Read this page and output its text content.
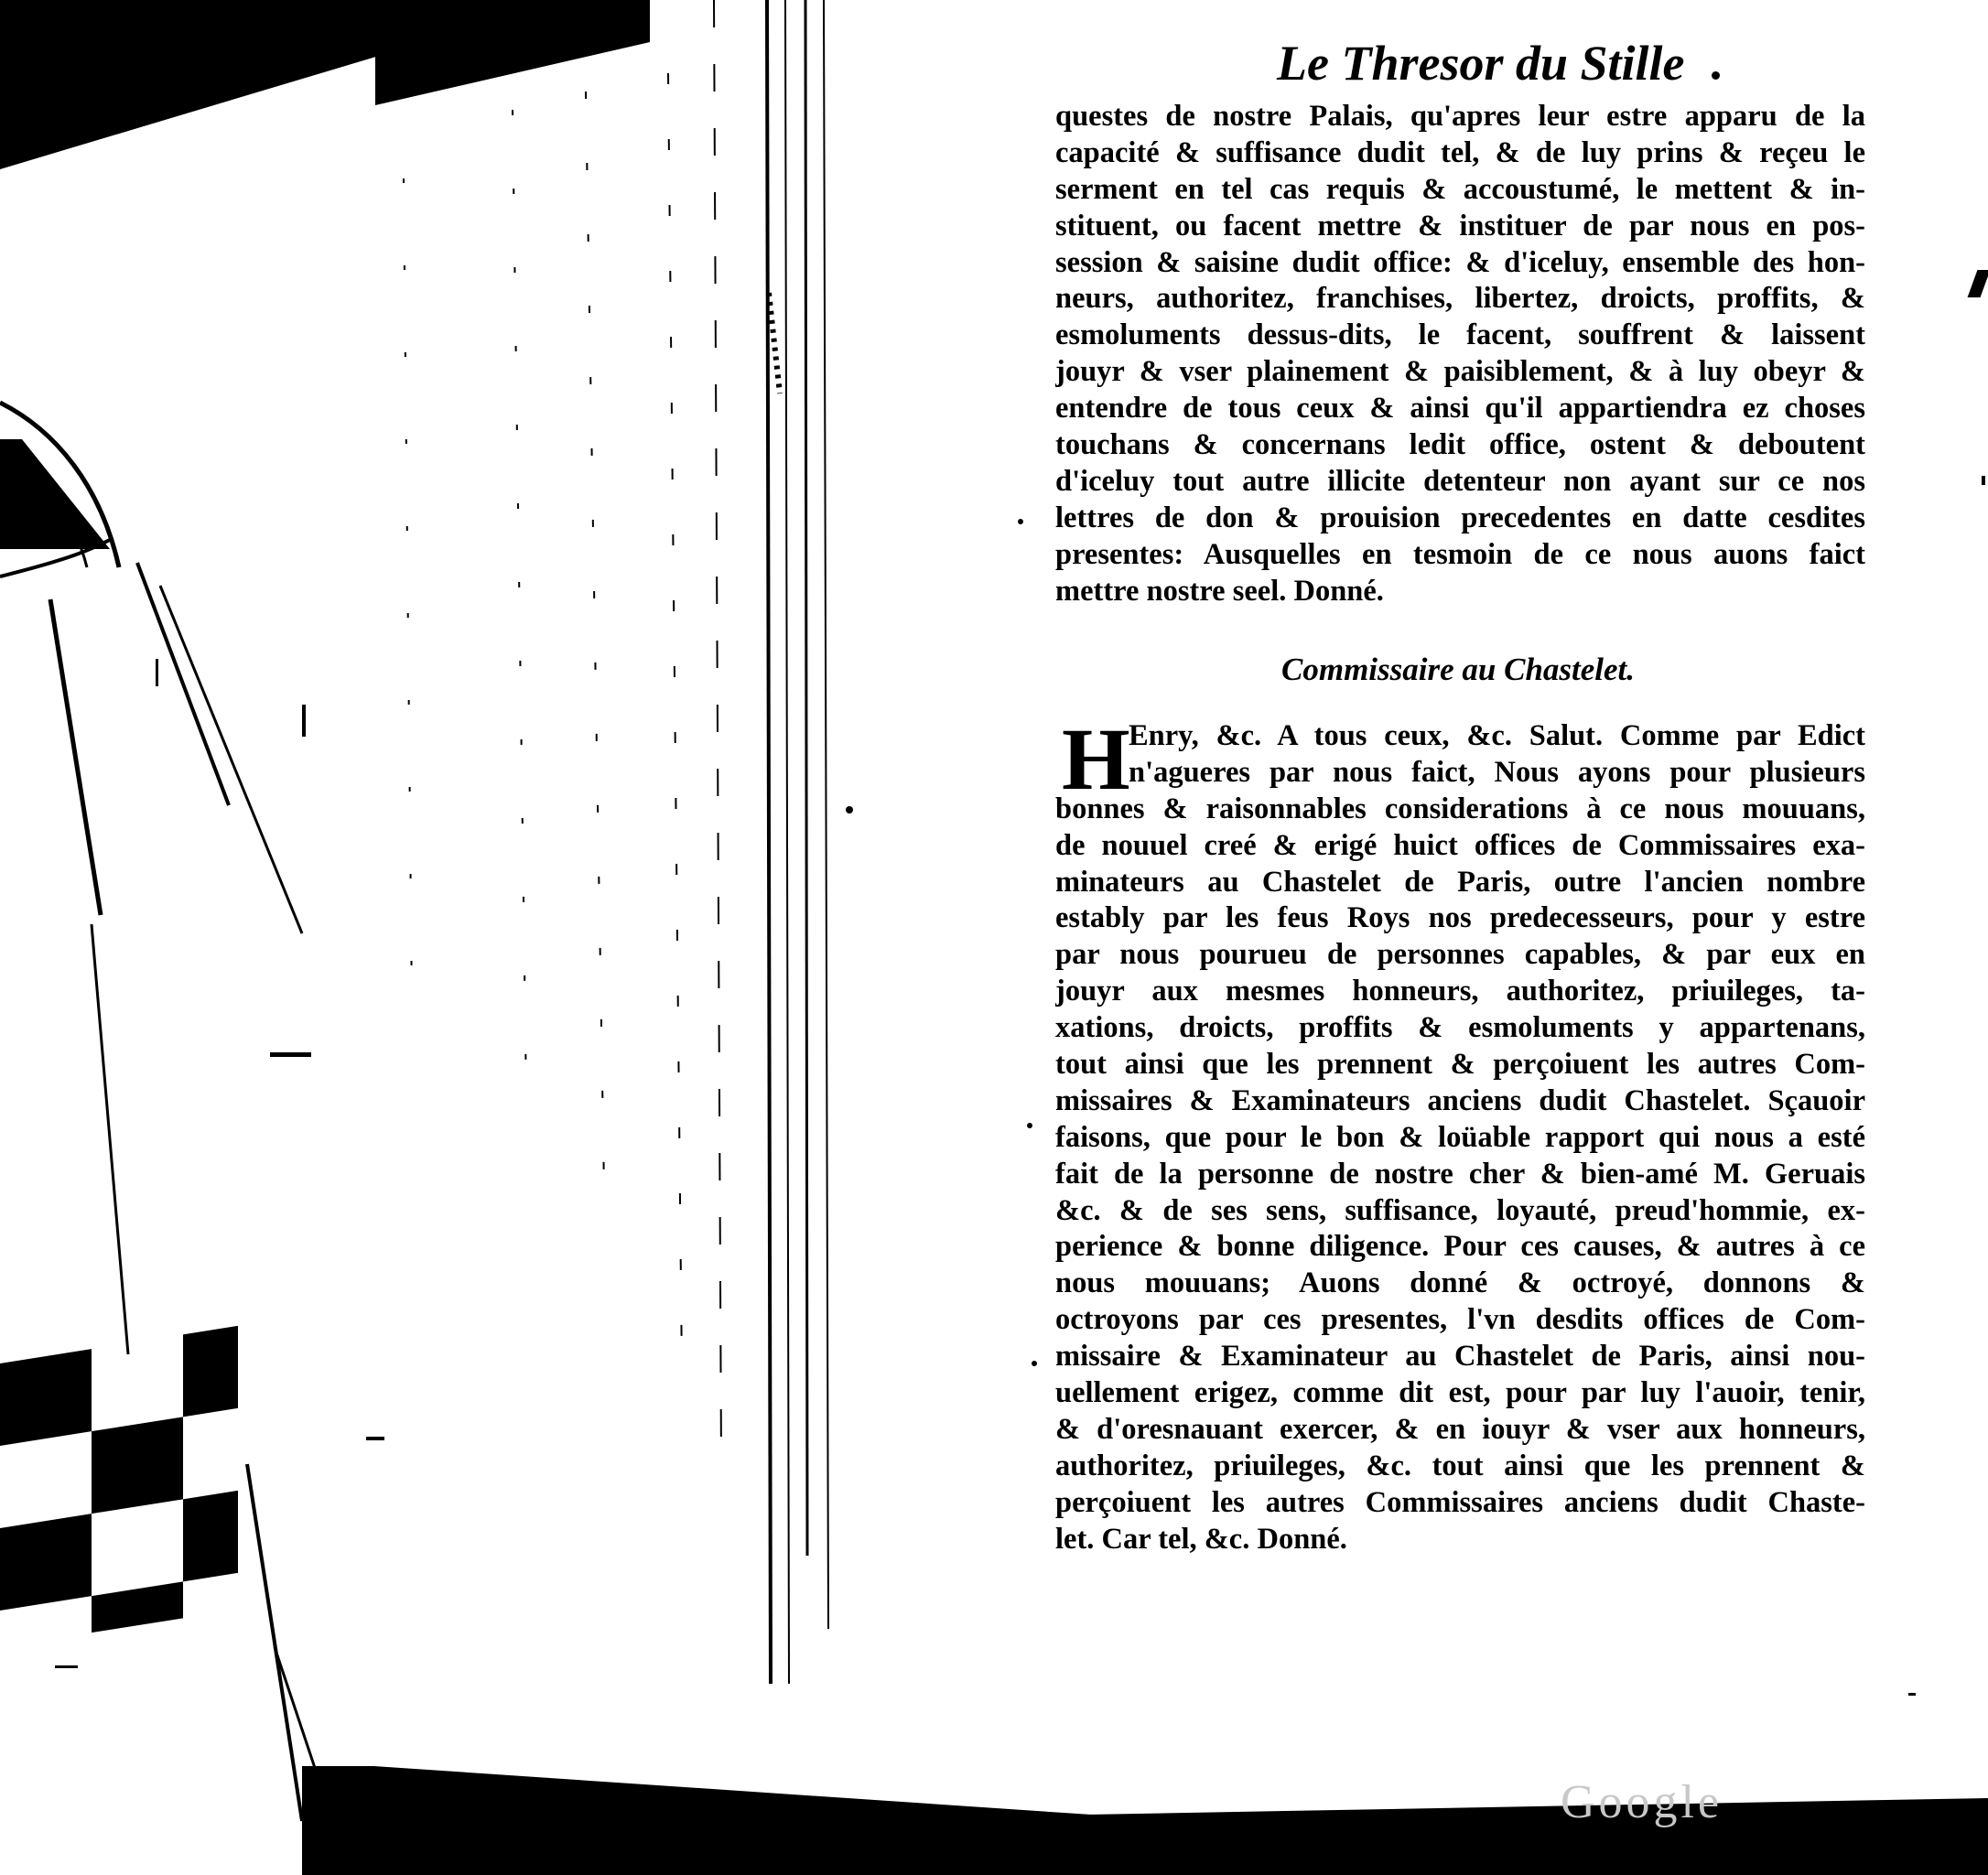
Google
Le Thresor du Stille
questes de nostre Palais, qu'apres leur estre apparu de la
capacité & suffisance dudit tel, & de luy prins & reçeu le
serment en tel cas requis & accoustumé, le mettent & in-
stituent, ou facent mettre & instituer de par nous en pos-
session & saisine dudit office: & d'iceluy, ensemble des hon-
neurs, authoritez, franchises, libertez, droicts, proffits, &
esmoluments dessus-dits, le facent, souffrent & laissent
jouyr & vser plainement & paisiblement, & à luy obeyr &
entendre de tous ceux & ainsi qu'il appartiendra ez choses
touchans & concernans ledit office, ostent & deboutent
d'iceluy tout autre illicite detenteur non ayant sur ce nos
lettres de don & prouision precedentes en datte cesdites
presentes: Ausquelles en tesmoin de ce nous auons faict
mettre nostre seel. Donné.
Commissaire au Chastelet.
H
Enry, &c. A tous ceux, &c. Salut. Comme par Edict
n'agueres par nous faict, Nous ayons pour plusieurs
bonnes & raisonnables considerations à ce nous mouuans,
de nouuel creé & erigé huict offices de Commissaires exa-
minateurs au Chastelet de Paris, outre l'ancien nombre
estably par les feus Roys nos predecesseurs, pour y estre
par nous pourueu de personnes capables, & par eux en
jouyr aux mesmes honneurs, authoritez, priuileges, ta-
xations, droicts, proffits & esmoluments y appartenans,
tout ainsi que les prennent & perçoiuent les autres Com-
missaires & Examinateurs anciens dudit Chastelet. Sçauoir
faisons, que pour le bon & loüable rapport qui nous a esté
fait de la personne de nostre cher & bien-amé M. Geruais
&c. & de ses sens, suffisance, loyauté, preud'hommie, ex-
perience & bonne diligence. Pour ces causes, & autres à ce
nous mouuans; Auons donné & octroyé, donnons &
octroyons par ces presentes, l'vn desdits offices de Com-
missaire & Examinateur au Chastelet de Paris, ainsi nou-
uellement erigez, comme dit est, pour par luy l'auoir, tenir,
& d'oresnauant exercer, & en iouyr & vser aux honneurs,
authoritez, priuileges, &c. tout ainsi que les prennent &
perçoiuent les autres Commissaires anciens dudit Chaste-
let. Car tel, &c. Donné.
